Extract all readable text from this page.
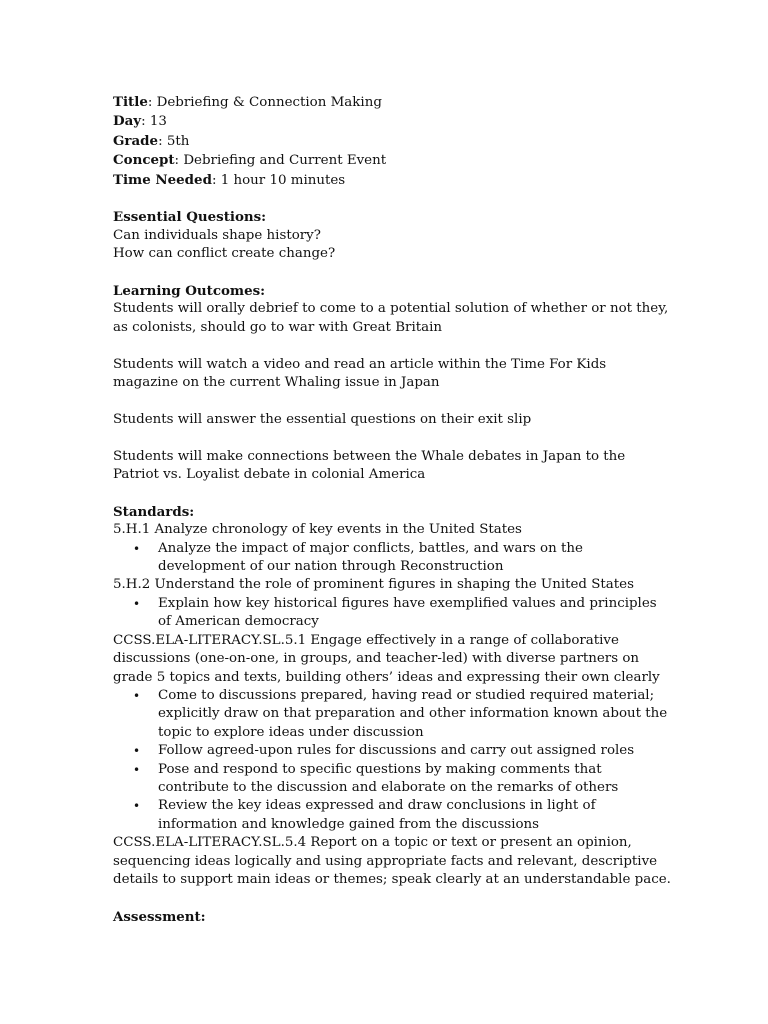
Title: Debriefing & Connection Making
Day: 13
Grade: 5th
Concept: Debriefing and Current Event
Time Needed: 1 hour 10 minutes
Essential Questions:
Can individuals shape history?
How can conflict create change?
Learning Outcomes:
Students will orally debrief to come to a potential solution of whether or not they, as colonists, should go to war with Great Britain
Students will watch a video and read an article within the Time For Kids magazine on the current Whaling issue in Japan
Students will answer the essential questions on their exit slip
Students will make connections between the Whale debates in Japan to the Patriot vs. Loyalist debate in colonial America
Standards:
5.H.1 Analyze chronology of key events in the United States
• Analyze the impact of major conflicts, battles, and wars on the development of our nation through Reconstruction
5.H.2 Understand the role of prominent figures in shaping the United States
• Explain how key historical figures have exemplified values and principles of American democracy
CCSS.ELA-LITERACY.SL.5.1 Engage effectively in a range of collaborative discussions (one-on-one, in groups, and teacher-led) with diverse partners on grade 5 topics and texts, building others’ ideas and expressing their own clearly
• Come to discussions prepared, having read or studied required material; explicitly draw on that preparation and other information known about the topic to explore ideas under discussion
• Follow agreed-upon rules for discussions and carry out assigned roles
• Pose and respond to specific questions by making comments that contribute to the discussion and elaborate on the remarks of others
• Review the key ideas expressed and draw conclusions in light of information and knowledge gained from the discussions
CCSS.ELA-LITERACY.SL.5.4 Report on a topic or text or present an opinion, sequencing ideas logically and using appropriate facts and relevant, descriptive details to support main ideas or themes; speak clearly at an understandable pace.
Assessment:
